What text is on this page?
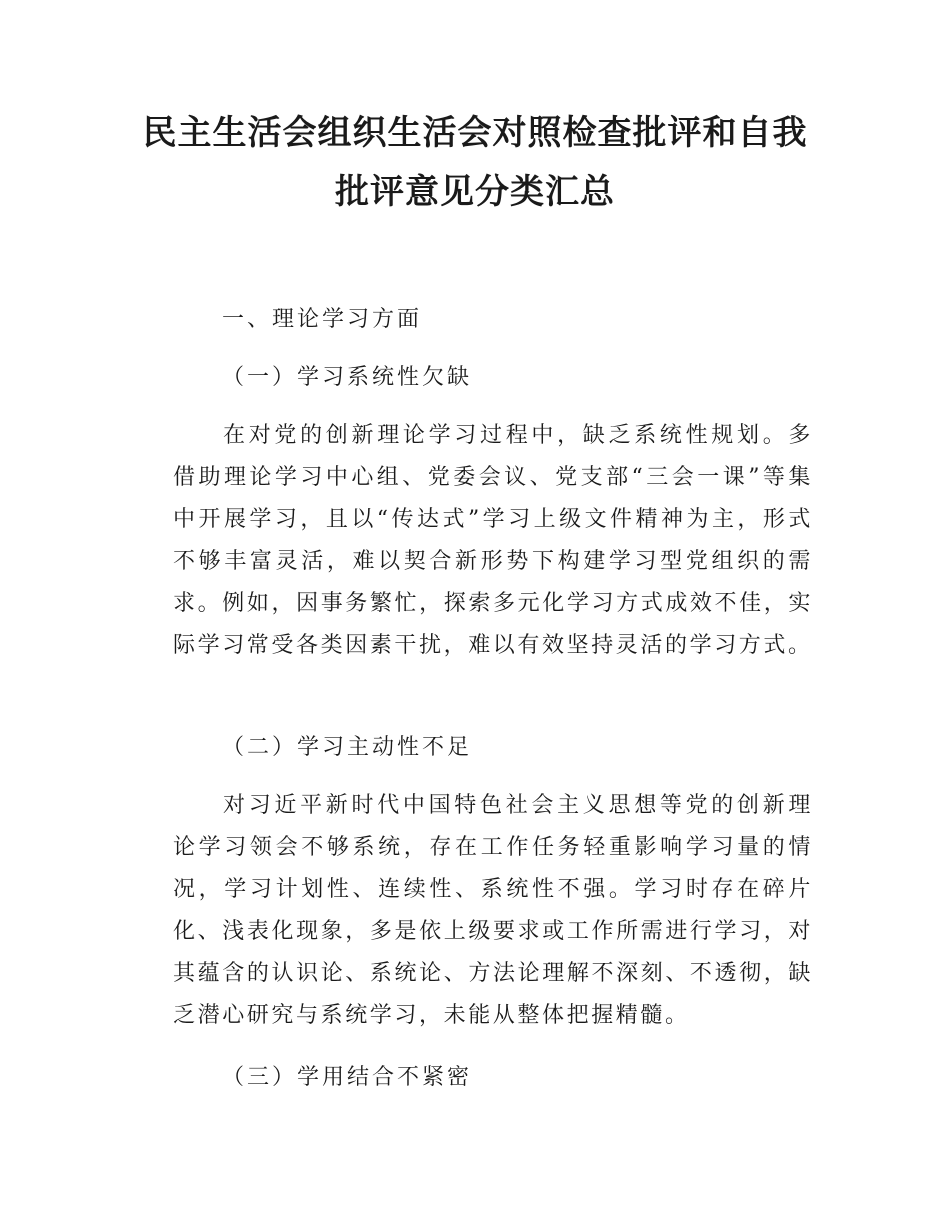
民主生活会组织生活会对照检查批评和自我
批评意见分类汇总
一、理论学习方面
（一）学习系统性欠缺
在对党的创新理论学习过程中，缺乏系统性规划。多借助理论学习中心组、党委会议、党支部“三会一课”等集中开展学习，且以“传达式”学习上级文件精神为主，形式不够丰富灵活，难以契合新形势下构建学习型党组织的需求。例如，因事务繁忙，探索多元化学习方式成效不佳，实际学习常受各类因素干扰，难以有效坚持灵活的学习方式。
（二）学习主动性不足
对习近平新时代中国特色社会主义思想等党的创新理论学习领会不够系统，存在工作任务轻重影响学习量的情况，学习计划性、连续性、系统性不强。学习时存在碎片化、浅表化现象，多是依上级要求或工作所需进行学习，对其蕴含的认识论、系统论、方法论理解不深刻、不透彻，缺乏潜心研究与系统学习，未能从整体把握精髓。
（三）学用结合不紧密
